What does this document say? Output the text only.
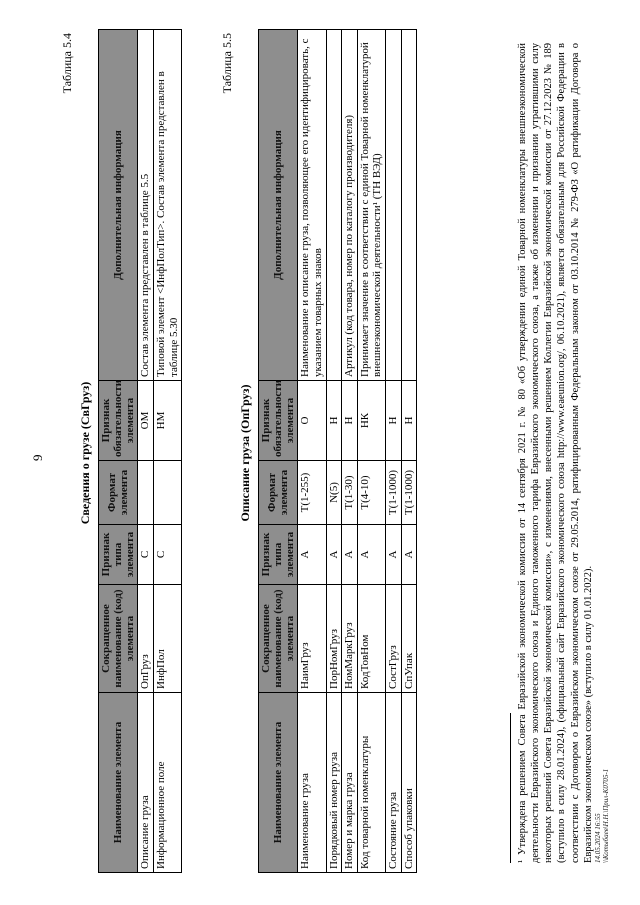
9
Таблица 5.4
Сведения о грузе (СвГруз)
Наименование элемента	Сокращенное наименование (код) элемента	Признак типа элемента	Формат элемента	Признак обязательности элемента	Дополнительная информация
Описание груза	ОпГруз	С		ОМ	Состав элемента представлен в таблице 5.5
Информационное поле	ИнфПол	С		НМ	Типовой элемент <ИнфПолТип>. Состав элемента представлен в таблице 5.30
Таблица 5.5
Описание груза (ОпГруз)
Наименование элемента	Сокращенное наименование (код) элемента	Признак типа элемента	Формат элемента	Признак обязательности элемента	Дополнительная информация
Наименование груза	НаимГруз	А	T(1-255)	О	Наименование и описание груза, позволяющее его идентифицировать, с указанием товарных знаков
Порядковый номер груза	ПорНомГруз	А	N(5)	Н	
Номер и марка груза	НомМаркГруз	А	T(1-30)	Н	Артикул (код товара, номер по каталогу производителя)
Код товарной номенклатуры	КодТовНом	А	T(4-10)	НК	Принимает значение в соответствии с единой Товарной номенклатурой внешнеэкономической деятельности¹ (ТН ВЭД)
Состояние груза	СостГруз	А	T(1-1000)	Н	
Способ упаковки	СпУпак	А	T(1-1000)	Н		¹ Утверждена решением Совета Евразийской экономической комиссии от 14 сентября 2021 г. № 80 «Об утверждении единой Товарной номенклатуры внешнеэкономической деятельности Евразийского экономического союза и Единого таможенного тарифа Евразийского экономического союза, а также об изменении и признании утратившими силу некоторых решений Совета Евразийской экономической комиссии», с изменениями, внесенными решением Коллегии Евразийской экономической комиссии от 27.12.2023 № 189 (вступило в силу 28.01.2024), (официальный сайт Евразийского экономического союза http://www.eaeunion.org/, 06.10.2021), является обязательным для Российской Федерации в соответствии с Договором о Евразийском экономическом союзе от 29.05.2014, ратифицированным Федеральным законом от 03.10.2014 № 279-ФЗ «О ратификации Договора о Евразийском экономическом союзе» (вступило в силу 01.01.2022). 14.05.2024 16:55 \\Котыбаев\Н.Н.\Прил-К0705-1
